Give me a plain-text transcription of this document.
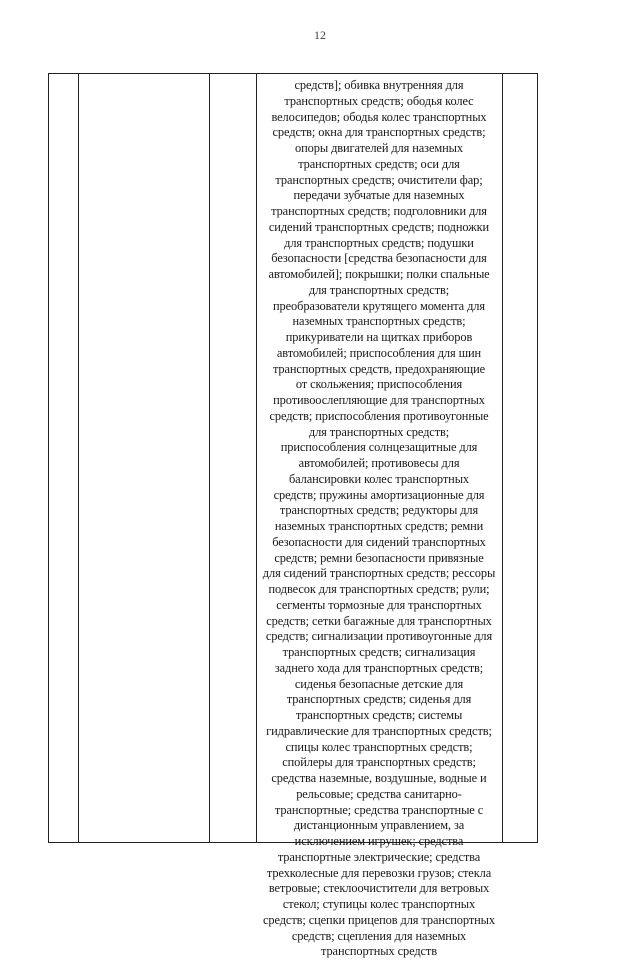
12

средств]; обивка внутренняя для
транспортных средств; ободья колес
велосипедов; ободья колес транспортных
средств; окна для транспортных средств;
опоры двигателей для наземных
транспортных средств; оси для
транспортных средств; очистители фар;
передачи зубчатые для наземных
транспортных средств; подголовники для
сидений транспортных средств; подножки
для транспортных средств; подушки
безопасности [средства безопасности для
автомобилей]; покрышки; полки спальные
для транспортных средств;
преобразователи крутящего момента для
наземных транспортных средств;
прикуриватели на щитках приборов
автомобилей; приспособления для шин
транспортных средств, предохраняющие
от скольжения; приспособления
противоослепляющие для транспортных
средств; приспособления противоугонные
для транспортных средств;
приспособления солнцезащитные для
автомобилей; противовесы для
балансировки колес транспортных
средств; пружины амортизационные для
транспортных средств; редукторы для
наземных транспортных средств; ремни
безопасности для сидений транспортных
средств; ремни безопасности привязные
для сидений транспортных средств; рессоры
подвесок для транспортных средств; рули;
сегменты тормозные для транспортных
средств; сетки багажные для транспортных
средств; сигнализации противоугонные для
транспортных средств; сигнализация
заднего хода для транспортных средств;
сиденья безопасные детские для
транспортных средств; сиденья для
транспортных средств; системы
гидравлические для транспортных средств;
спицы колес транспортных средств;
спойлеры для транспортных средств;
средства наземные, воздушные, водные и
рельсовые; средства санитарно-
транспортные; средства транспортные с
дистанционным управлением, за
исключением игрушек; средства
транспортные электрические; средства
трехколесные для перевозки грузов; стекла
ветровые; стеклоочистители для ветровых
стекол; ступицы колес транспортных
средств; сцепки прицепов для транспортных
средств; сцепления для наземных
транспортных средств
